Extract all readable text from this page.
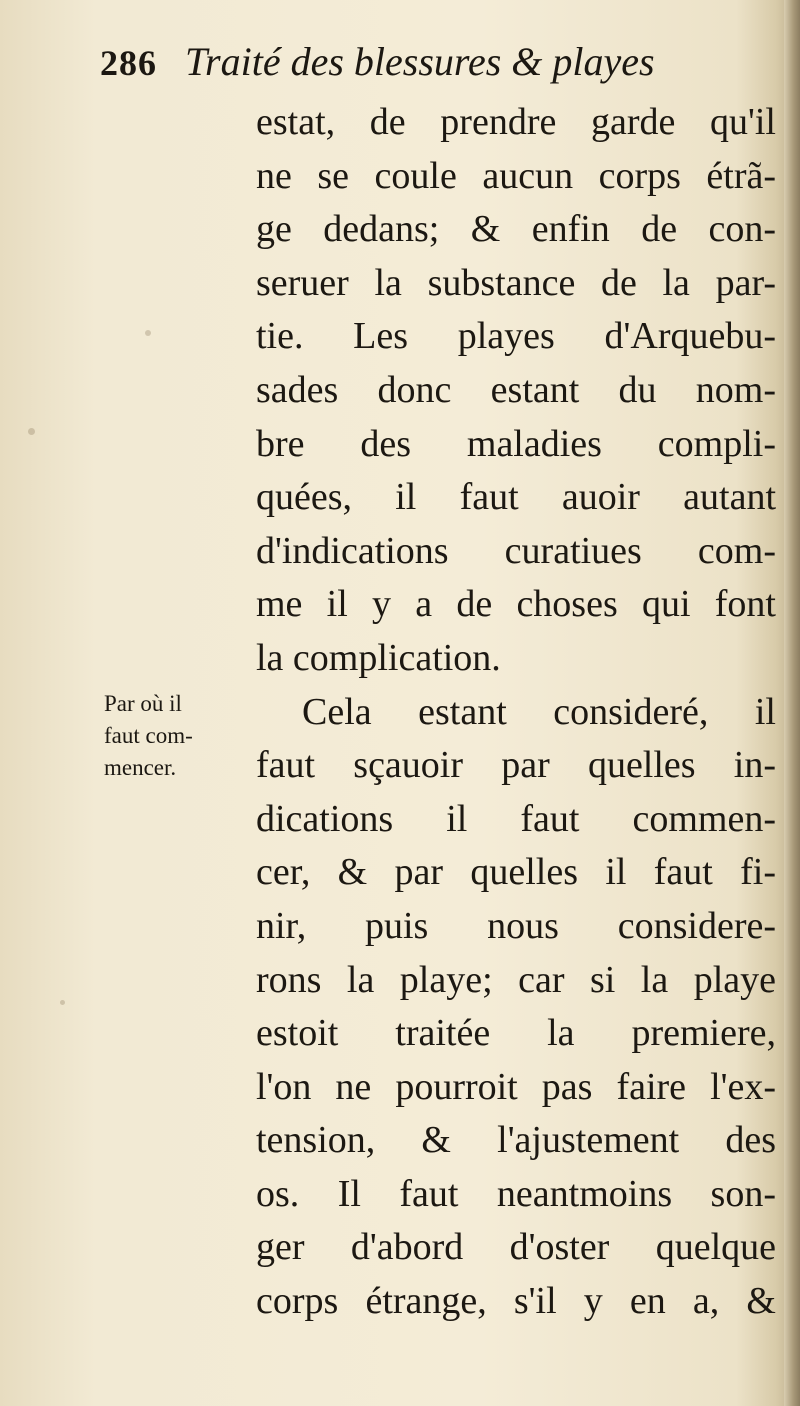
286 Traité des blessures & playes
Par où il
faut com-
mencer.
estat, de prendre garde qu'il
ne se coule aucun corps étrã-
ge dedans; & enfin de con-
seruer la substance de la par-
tie. Les playes d'Arquebu-
sades donc estant du nom-
bre des maladies compli-
quées, il faut auoir autant
d'indications curatiues com-
me il y a de choses qui font
la complication.
Cela estant consideré, il
faut sçauoir par quelles in-
dications il faut commen-
cer, & par quelles il faut fi-
nir, puis nous considere-
rons la playe; car si la playe
estoit traitée la premiere,
l'on ne pourroit pas faire l'ex-
tension, & l'ajustement des
os. Il faut neantmoins son-
ger d'abord d'oster quelque
corps étrange, s'il y en a, &
